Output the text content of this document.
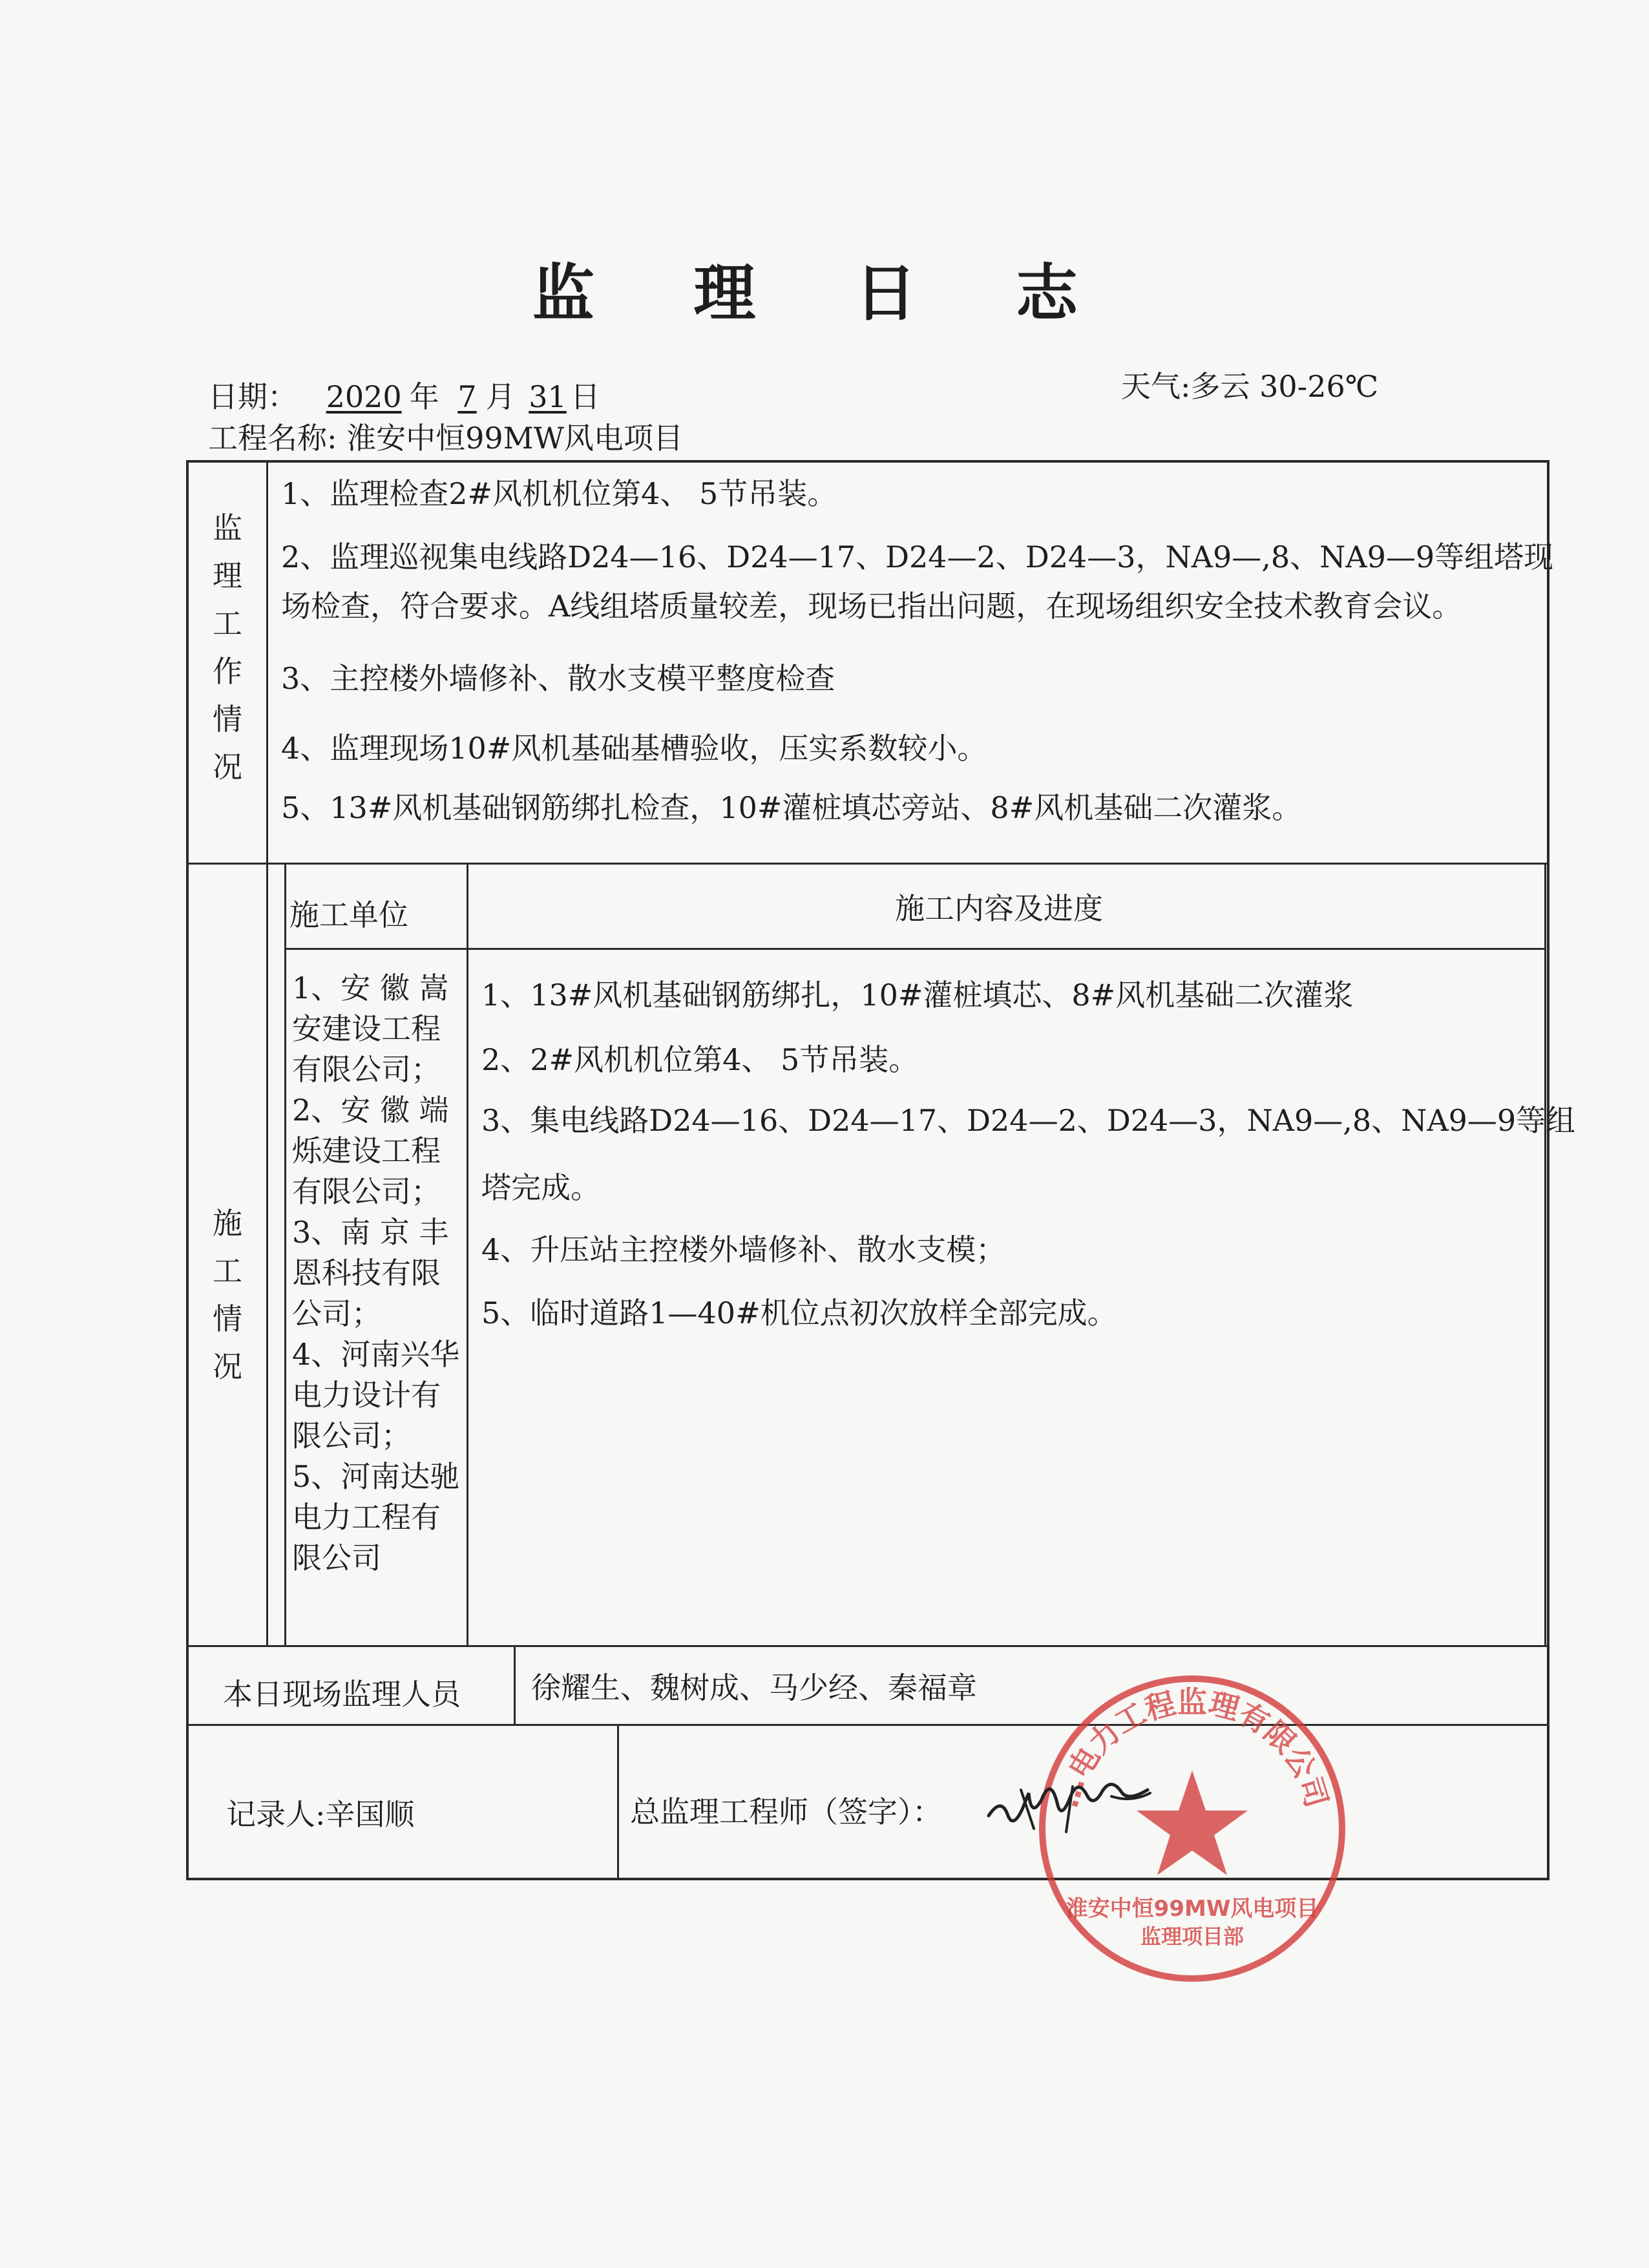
监 理 日 志
日期： 2020 年 7 月 31 日	天气:多云 30-26℃
工程名称: 淮安中恒99MW风电项目
监
理
工
作
情
况
1、监理检查2#风机机位第4、 5节吊装。
2、监理巡视集电线路D24—16、D24—17、D24—2、D24—3，NA9—,8、NA9—9等组塔现
场检查，符合要求。A线组塔质量较差，现场已指出问题，在现场组织安全技术教育会议。
3、主控楼外墙修补、散水支模平整度检查
4、监理现场10#风机基础基槽验收，压实系数较小。
5、13#风机基础钢筋绑扎检查，10#灌桩填芯旁站、8#风机基础二次灌浆。
施
工
情
况
施工单位	施工内容及进度
1、安 徽 嵩
安建设工程
有限公司；
2、安 徽 端
烁建设工程
有限公司；
3、南 京 丰
恩科技有限
公司；
4、河南兴华
电力设计有
限公司；
5、河南达驰
电力工程有
限公司
1、13#风机基础钢筋绑扎，10#灌桩填芯、8#风机基础二次灌浆
2、2#风机机位第4、 5节吊装。
3、集电线路D24—16、D24—17、D24—2、D24—3，NA9—,8、NA9—9等组
塔完成。
4、升压站主控楼外墙修补、散水支模；
5、临时道路1—40#机位点初次放样全部完成。
本日现场监理人员 徐耀生、魏树成、马少经、秦福章
记录人:辛国顺	总监理工程师（签字）：
…电力工程监理有限公司
淮安中恒99MW风电项目
监理项目部
